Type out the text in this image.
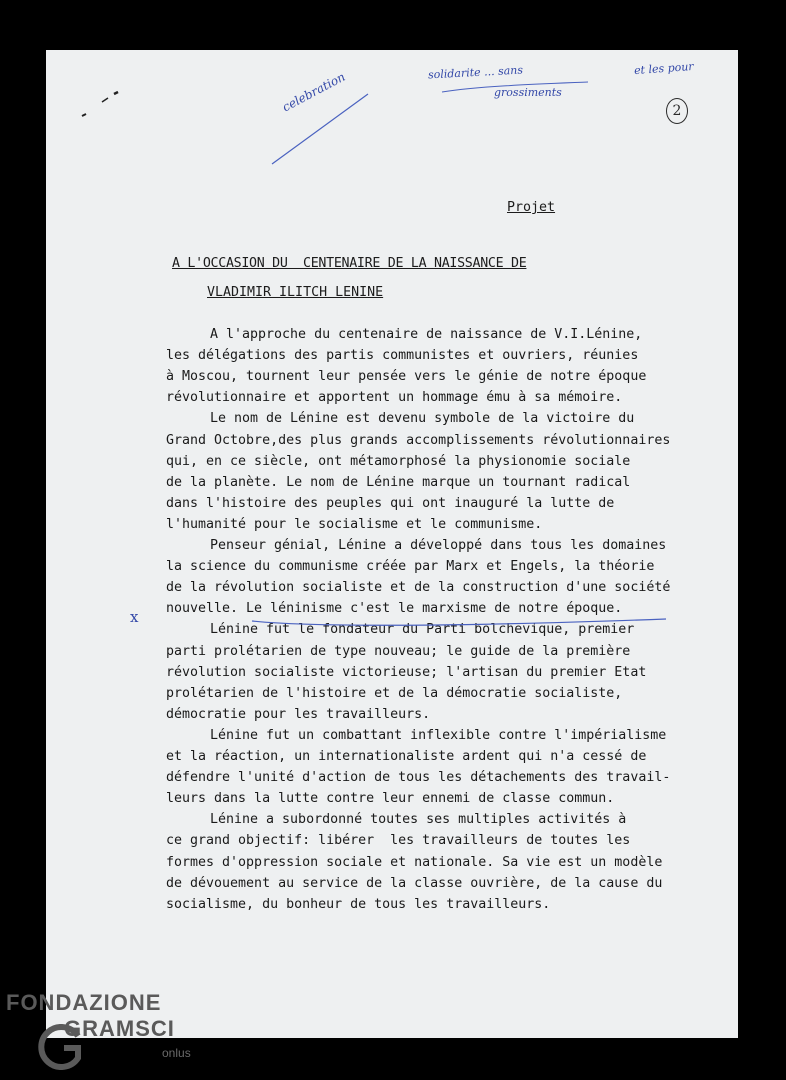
celebration	solidarite ... sans
grossiments
et les pour
2
Projet
A L'OCCASION DU  CENTENAIRE DE LA NAISSANCE DE
VLADIMIR ILITCH LENINE
x
A l'approche du centenaire de naissance de V.I.Lénine,
les délégations des partis communistes et ouvriers, réunies
à Moscou, tournent leur pensée vers le génie de notre époque
révolutionnaire et apportent un hommage ému à sa mémoire.
Le nom de Lénine est devenu symbole de la victoire du
Grand Octobre,des plus grands accomplissements révolutionnaires
qui, en ce siècle, ont métamorphosé la physionomie sociale
de la planète. Le nom de Lénine marque un tournant radical
dans l'histoire des peuples qui ont inauguré la lutte de
l'humanité pour le socialisme et le communisme.
Penseur génial, Lénine a développé dans tous les domaines
la science du communisme créée par Marx et Engels, la théorie
de la révolution socialiste et de la construction d'une société
nouvelle. Le léninisme c'est le marxisme de notre époque.
Lénine fut le fondateur du Parti bolchevique, premier
parti prolétarien de type nouveau; le guide de la première
révolution socialiste victorieuse; l'artisan du premier Etat
prolétarien de l'histoire et de la démocratie socialiste,
démocratie pour les travailleurs.
Lénine fut un combattant inflexible contre l'impérialisme
et la réaction, un internationaliste ardent qui n'a cessé de
défendre l'unité d'action de tous les détachements des travail-
leurs dans la lutte contre leur ennemi de classe commun.
Lénine a subordonné toutes ses multiples activités à
ce grand objectif: libérer  les travailleurs de toutes les
formes d'oppression sociale et nationale. Sa vie est un modèle
de dévouement au service de la classe ouvrière, de la cause du
socialisme, du bonheur de tous les travailleurs.
FONDAZIONE
GRAMSCI
onlus
